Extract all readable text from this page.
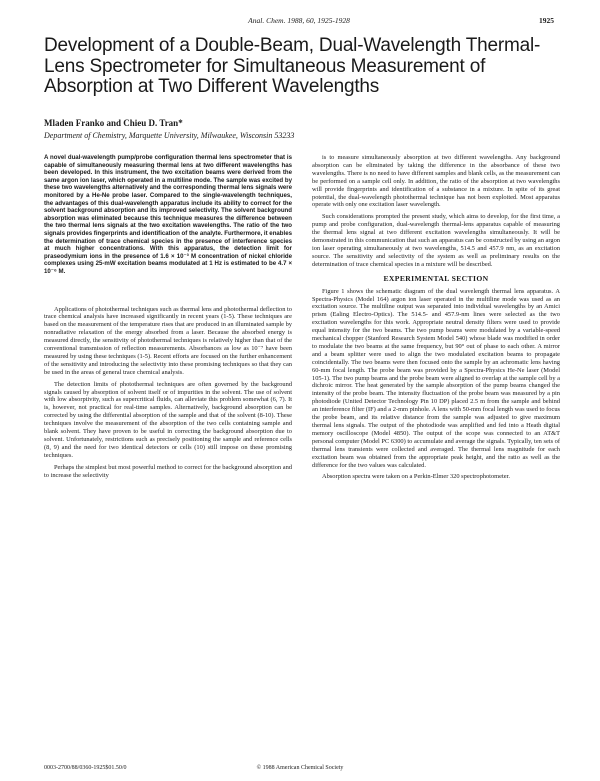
Anal. Chem. 1988, 60, 1925-1928	1925
Development of a Double-Beam, Dual-Wavelength Thermal-Lens Spectrometer for Simultaneous Measurement of Absorption at Two Different Wavelengths
Mladen Franko and Chieu D. Tran*
Department of Chemistry, Marquette University, Milwaukee, Wisconsin 53233
A novel dual-wavelength pump/probe configuration thermal lens spectrometer that is capable of simultaneously measuring thermal lens at two different wavelengths has been developed. In this instrument, the two excitation beams were derived from the same argon ion laser, which operated in a multiline mode. The sample was excited by these two wavelengths alternatively and the corresponding thermal lens signals were monitored by a He-Ne probe laser. Compared to the single-wavelength techniques, the advantages of this dual-wavelength apparatus include its ability to correct for the solvent background absorption and its improved selectivity. The solvent background absorption was eliminated because this technique measures the difference between the two thermal lens signals at the two excitation wavelengths. The ratio of the two signals provides fingerprints and identification of the analyte. Furthermore, it enables the determination of trace chemical species in the presence of interference species at much higher concentrations. With this apparatus, the detection limit for praseodymium ions in the presence of 1.6 × 10⁻³ M concentration of nickel chloride complexes using 25-mW excitation beams modulated at 1 Hz is estimated to be 4.7 × 10⁻⁶ M.

Applications of photothermal techniques such as thermal lens and photothermal deflection to trace chemical analysis have increased significantly in recent years (1-5). These techniques are based on the measurement of the temperature rises that are produced in an illuminated sample by nonradiative relaxation of the energy absorbed from a laser. Because the absorbed energy is measured directly, the sensitivity of photothermal techniques is relatively higher than that of the conventional transmission of reflection measurements. Absorbances as low as 10⁻⁷ have been measured by using these techniques (1-5). Recent efforts are focused on the further enhancement of the sensitivity and introducing the selectivity into these promising techniques so that they can be used in the areas of general trace chemical analysis.

The detection limits of photothermal techniques are often governed by the background signals caused by absorption of solvent itself or of impurities in the solvent. The use of solvent with low absorptivity, such as supercritical fluids, can alleviate this problem somewhat (6, 7). It is, however, not practical for real-time samples. Alternatively, background absorption can be corrected by using the differential absorption of the sample and that of the solvent (8-10). These techniques involve the measurement of the absorption of the two cells containing sample and blank solvent. They have proven to be useful in correcting the background absorption due to solvent. Unfortunately, restrictions such as precisely positioning the sample and reference cells (8, 9) and the need for two identical detectors or cells (10) still impose on these promising techniques.

Perhaps the simplest but most powerful method to correct for the background absorption and to increase the selectivity

is to measure simultaneously absorption at two different wavelengths. Any background absorption can be eliminated by taking the difference in the absorbance of these two wavelengths. There is no need to have different samples and blank cells, as the measurement can be performed on a sample cell only. In addition, the ratio of the absorption at two wavelengths will provide fingerprints and identification of a substance in a mixture. In spite of its great potential, the dual-wavelength photothermal technique has not been exploited. Most apparatus operate with only one excitation laser wavelength.

Such considerations prompted the present study, which aims to develop, for the first time, a pump and probe configuration, dual-wavelength thermal-lens apparatus capable of measuring the thermal lens signal at two different excitation wavelengths simultaneously. It will be demonstrated in this communication that such an apparatus can be constructed by using an argon ion laser operating simultaneously at two wavelengths, 514.5 and 457.9 nm, as an excitation source. The sensitivity and selectivity of the system as well as preliminary results on the determination of trace chemical species in a mixture will be described.

EXPERIMENTAL SECTION

Figure 1 shows the schematic diagram of the dual wavelength thermal lens apparatus. A Spectra-Physics (Model 164) argon ion laser operated in the multiline mode was used as an excitation source. The multiline output was separated into individual wavelengths by an Amici prism (Ealing Electro-Optics). The 514.5- and 457.9-nm lines were selected as the two excitation wavelengths for this work. Appropriate neutral density filters were used to provide equal intensity for the two beams. The two pump beams were modulated by a variable-speed mechanical chopper (Stanford Research System Model 540) whose blade was modified in order to modulate the two beams at the same frequency, but 90° out of phase to each other. A mirror and a beam splitter were used to align the two modulated excitation beams to propagate coincidentally. The two beams were then focused onto the sample by an achromatic lens having 60-mm focal length. The probe beam was provided by a Spectra-Physics He-Ne laser (Model 105-1). The two pump beams and the probe beam were aligned to overlap at the sample cell by a dichroic mirror. The heat generated by the sample absorption of the pump beams changed the intensity of the probe beam. The intensity fluctuation of the probe beam was measured by a pin photodiode (United Detector Technology Pin 10 DP) placed 2.5 m from the sample and behind an interference filter (IF) and a 2-mm pinhole. A lens with 50-mm focal length was used to focus the probe beam, and its relative distance from the sample was adjusted to give maximum thermal lens signals. The output of the photodiode was amplified and fed into a Heath digital memory oscilloscope (Model 4850). The output of the scope was connected to an AT&T personal computer (Model PC 6300) to accumulate and average the signals. Typically, ten sets of thermal lens transients were collected and averaged. The thermal lens magnitude for each excitation beam was obtained from the appropriate peak height, and the ratio as well as the difference for the two values was calculated.

Absorption spectra were taken on a Perkin-Elmer 320 spectrophotometer.

0003-2700/88/0360-1925$01.50/0	© 1988 American Chemical Society
